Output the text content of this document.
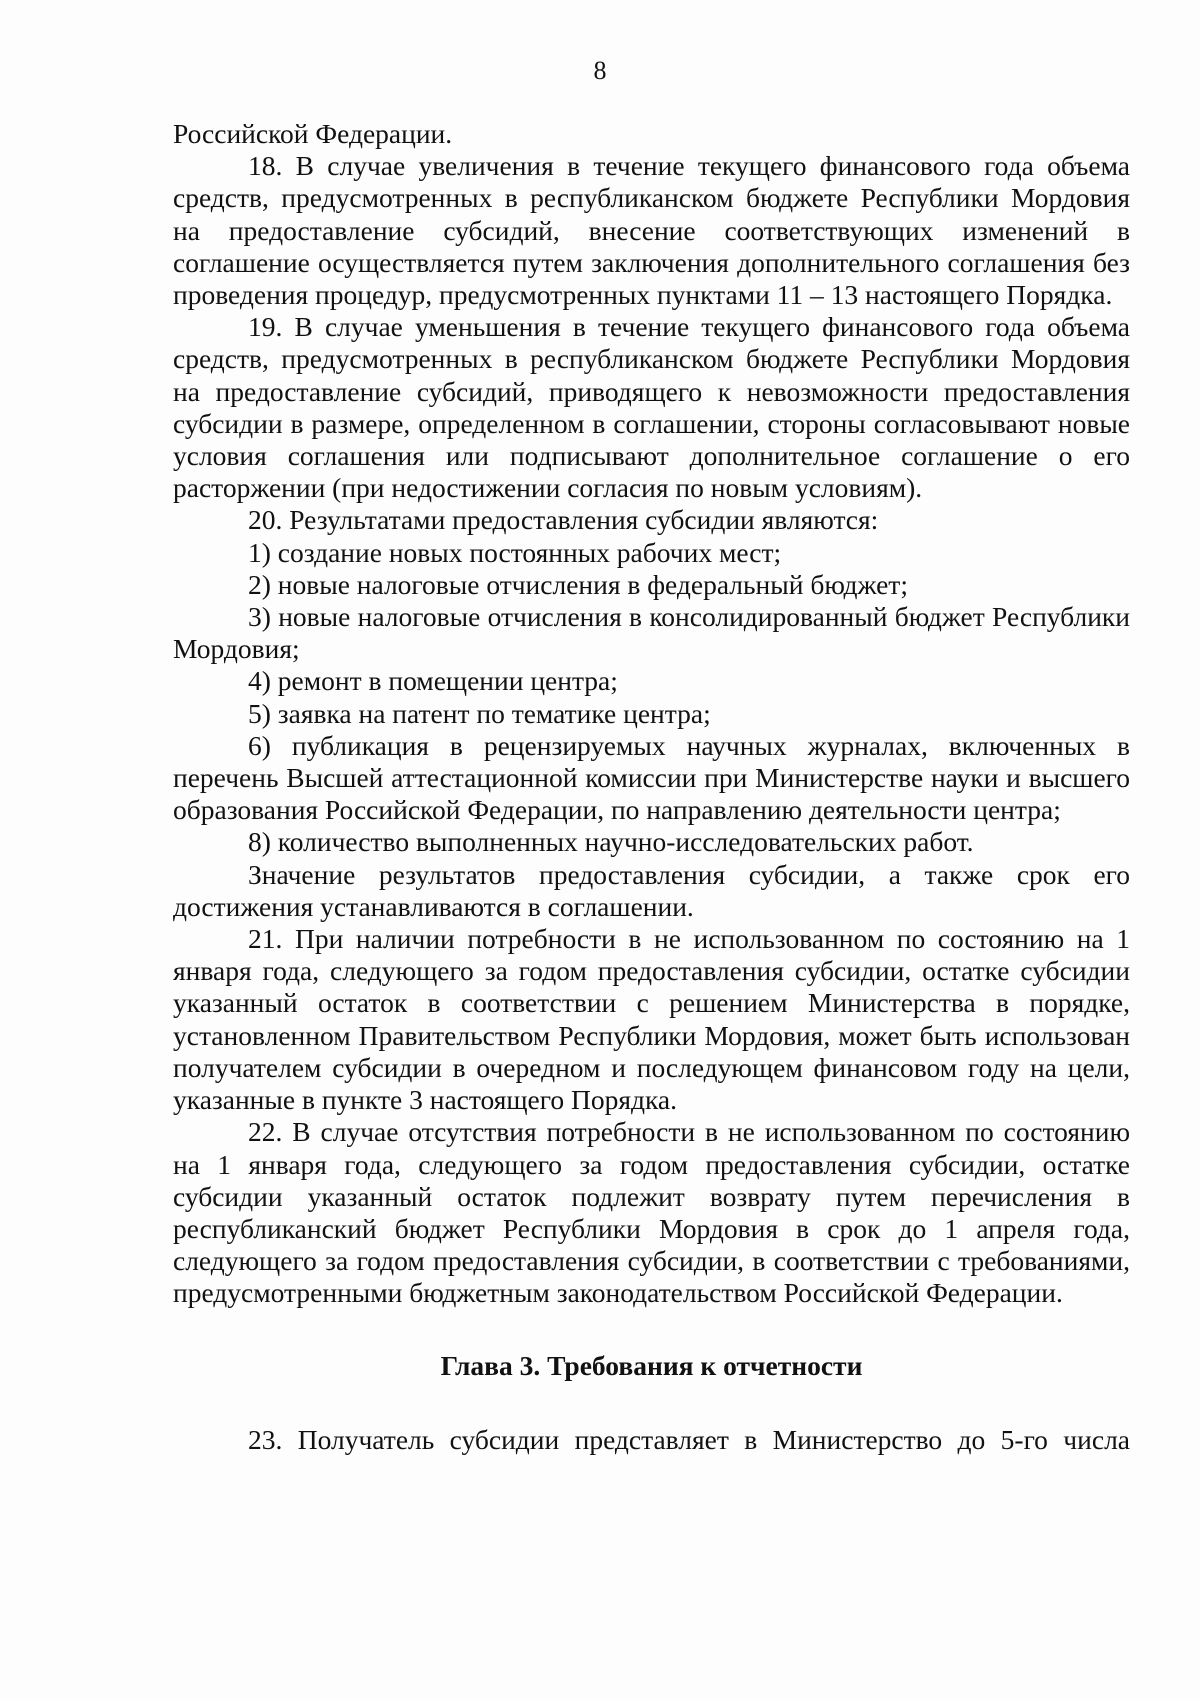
8

Российской Федерации.

18. В случае увеличения в течение текущего финансового года объема средств, предусмотренных в республиканском бюджете Республики Мордовия на предоставление субсидий, внесение соответствующих изменений в соглашение осуществляется путем заключения дополнительного соглашения без проведения процедур, предусмотренных пунктами 11 – 13 настоящего Порядка.

19. В случае уменьшения в течение текущего финансового года объема средств, предусмотренных в республиканском бюджете Республики Мордовия на предоставление субсидий, приводящего к невозможности предоставления субсидии в размере, определенном в соглашении, стороны согласовывают новые условия соглашения или подписывают дополнительное соглашение о его расторжении (при недостижении согласия по новым условиям).

20. Результатами предоставления субсидии являются:

1) создание новых постоянных рабочих мест;

2) новые налоговые отчисления в федеральный бюджет;

3) новые налоговые отчисления в консолидированный бюджет Республики Мордовия;

4) ремонт в помещении центра;

5) заявка на патент по тематике центра;

6) публикация в рецензируемых научных журналах, включенных в перечень Высшей аттестационной комиссии при Министерстве науки и высшего образования Российской Федерации, по направлению деятельности центра;

8) количество выполненных научно-исследовательских работ.

Значение результатов предоставления субсидии, а также срок его достижения устанавливаются в соглашении.

21. При наличии потребности в не использованном по состоянию на 1 января года, следующего за годом предоставления субсидии, остатке субсидии указанный остаток в соответствии с решением Министерства в порядке, установленном Правительством Республики Мордовия, может быть использован получателем субсидии в очередном и последующем финансовом году на цели, указанные в пункте 3 настоящего Порядка.

22. В случае отсутствия потребности в не использованном по состоянию на 1 января года, следующего за годом предоставления субсидии, остатке субсидии указанный остаток подлежит возврату путем перечисления в республиканский бюджет Республики Мордовия в срок до 1 апреля года, следующего за годом предоставления субсидии, в соответствии с требованиями, предусмотренными бюджетным законодательством Российской Федерации.

Глава 3. Требования к отчетности

23. Получатель субсидии представляет в Министерство до 5-го числа
